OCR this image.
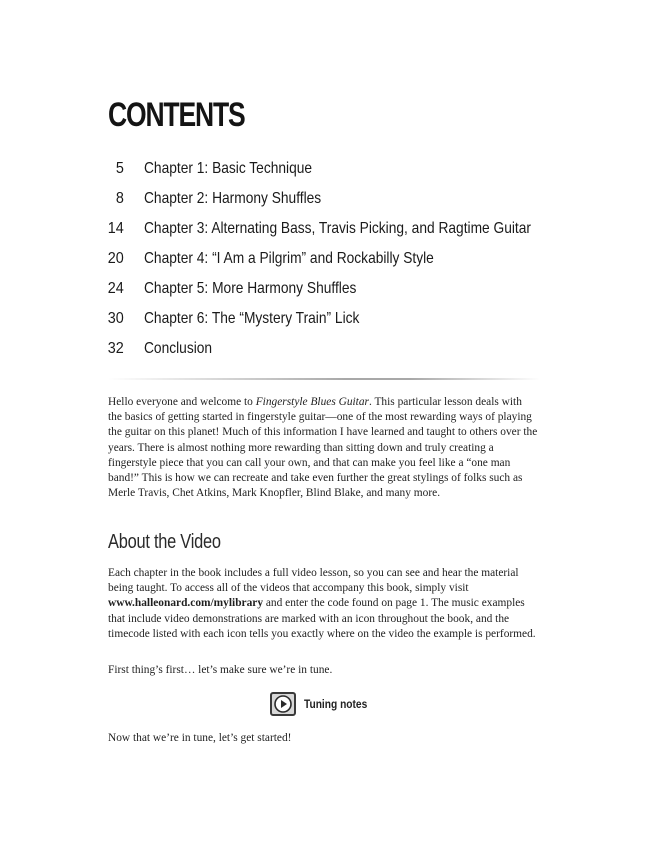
CONTENTS
5 Chapter 1: Basic Technique
8 Chapter 2: Harmony Shuffles
14 Chapter 3: Alternating Bass, Travis Picking, and Ragtime Guitar
20 Chapter 4: “I Am a Pilgrim” and Rockabilly Style
24 Chapter 5: More Harmony Shuffles
30 Chapter 6: The “Mystery Train” Lick
32 Conclusion

Hello everyone and welcome to Fingerstyle Blues Guitar. This particular lesson deals with the basics of getting started in fingerstyle guitar—one of the most rewarding ways of playing the guitar on this planet! Much of this information I have learned and taught to others over the years. There is almost nothing more rewarding than sitting down and truly creating a fingerstyle piece that you can call your own, and that can make you feel like a “one man band!” This is how we can recreate and take even further the great stylings of folks such as Merle Travis, Chet Atkins, Mark Knopfler, Blind Blake, and many more.

About the Video

Each chapter in the book includes a full video lesson, so you can see and hear the material being taught. To access all of the videos that accompany this book, simply visit www.halleonard.com/mylibrary and enter the code found on page 1. The music examples that include video demonstrations are marked with an icon throughout the book, and the timecode listed with each icon tells you exactly where on the video the example is performed.

First thing’s first… let’s make sure we’re in tune.

Tuning notes

Now that we’re in tune, let’s get started!
